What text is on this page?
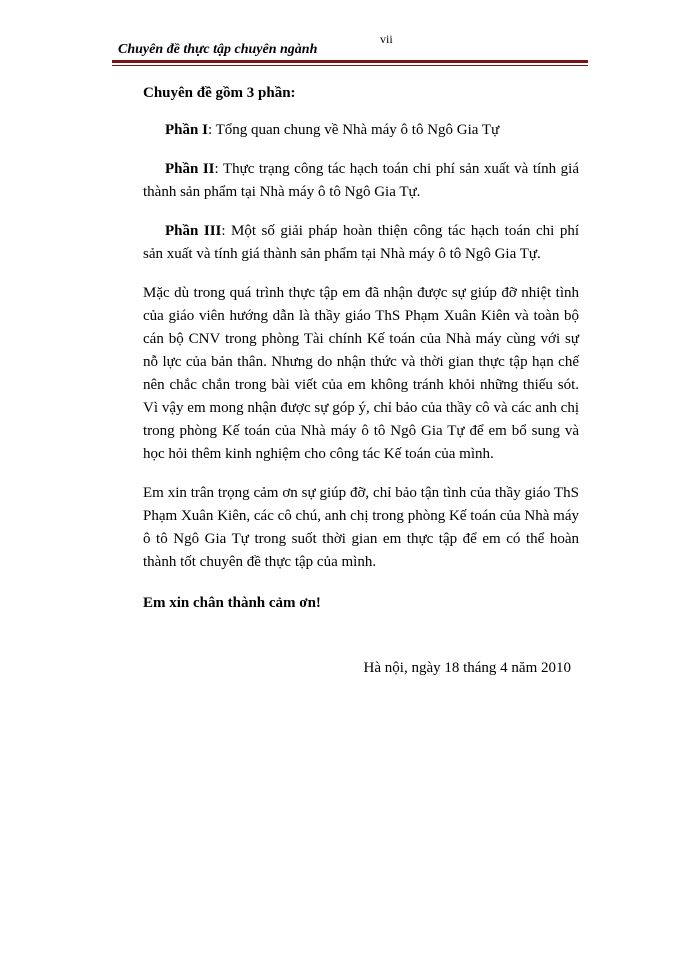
Chuyên đề thực tập chuyên ngành
vii

Chuyên đề gồm 3 phần:

Phần I: Tổng quan chung về Nhà máy ô tô Ngô Gia Tự

Phần II: Thực trạng công tác hạch toán chi phí sản xuất và tính giá thành sản phẩm tại Nhà máy ô tô Ngô Gia Tự.

Phần III: Một số giải pháp hoàn thiện công tác hạch toán chi phí sản xuất và tính giá thành sản phẩm tại Nhà máy ô tô Ngô Gia Tự.

Mặc dù trong quá trình thực tập em đã nhận được sự giúp đỡ nhiệt tình của giáo viên hướng dẫn là thầy giáo ThS Phạm Xuân Kiên và toàn bộ cán bộ CNV trong phòng Tài chính Kế toán của Nhà máy cùng với sự nỗ lực của bản thân. Nhưng do nhận thức và thời gian thực tập hạn chế nên chắc chắn trong bài viết của em không tránh khỏi những thiếu sót. Vì vậy em mong nhận được sự góp ý, chỉ bảo của thầy cô và các anh chị trong phòng Kế toán của Nhà máy ô tô Ngô Gia Tự để em bổ sung và học hỏi thêm kinh nghiệm cho công tác Kế toán của mình.

Em xin trân trọng cảm ơn sự giúp đỡ, chỉ bảo tận tình của thầy giáo ThS Phạm Xuân Kiên, các cô chú, anh chị trong phòng Kế toán của Nhà máy ô tô Ngô Gia Tự trong suốt thời gian em thực tập để em có thể hoàn thành tốt chuyên đề thực tập của mình.

Em xin chân thành cảm ơn!

Hà nội, ngày 18 tháng 4 năm 2010
